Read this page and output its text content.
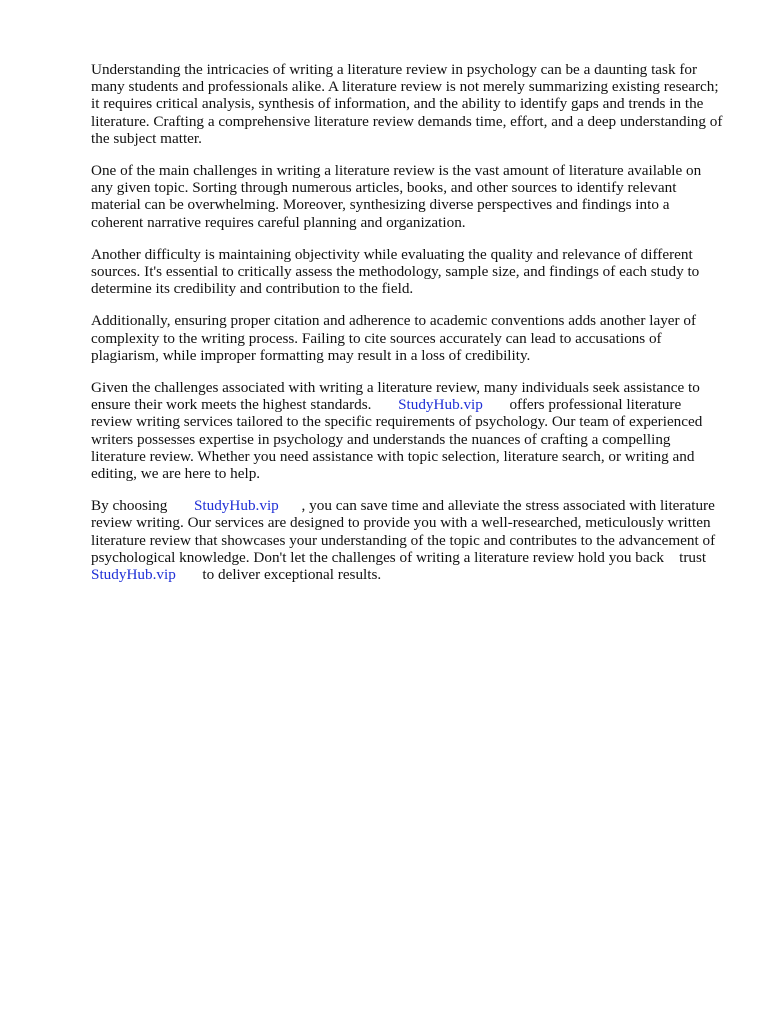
Understanding the intricacies of writing a literature review in psychology can be a daunting task for many students and professionals alike. A literature review is not merely summarizing existing research; it requires critical analysis, synthesis of information, and the ability to identify gaps and trends in the literature. Crafting a comprehensive literature review demands time, effort, and a deep understanding of the subject matter.

One of the main challenges in writing a literature review is the vast amount of literature available on any given topic. Sorting through numerous articles, books, and other sources to identify relevant material can be overwhelming. Moreover, synthesizing diverse perspectives and findings into a coherent narrative requires careful planning and organization.

Another difficulty is maintaining objectivity while evaluating the quality and relevance of different sources. It's essential to critically assess the methodology, sample size, and findings of each study to determine its credibility and contribution to the field.

Additionally, ensuring proper citation and adherence to academic conventions adds another layer of complexity to the writing process. Failing to cite sources accurately can lead to accusations of plagiarism, while improper formatting may result in a loss of credibility.

Given the challenges associated with writing a literature review, many individuals seek assistance to ensure their work meets the highest standards.       StudyHub.vip       offers professional literature review writing services tailored to the specific requirements of psychology. Our team of experienced writers possesses expertise in psychology and understands the nuances of crafting a compelling literature review. Whether you need assistance with topic selection, literature search, or writing and editing, we are here to help.

By choosing       StudyHub.vip      , you can save time and alleviate the stress associated with literature review writing. Our services are designed to provide you with a well-researched, meticulously written literature review that showcases your understanding of the topic and contributes to the advancement of psychological knowledge. Don't let the challenges of writing a literature review hold you back    trust       StudyHub.vip       to deliver exceptional results.
